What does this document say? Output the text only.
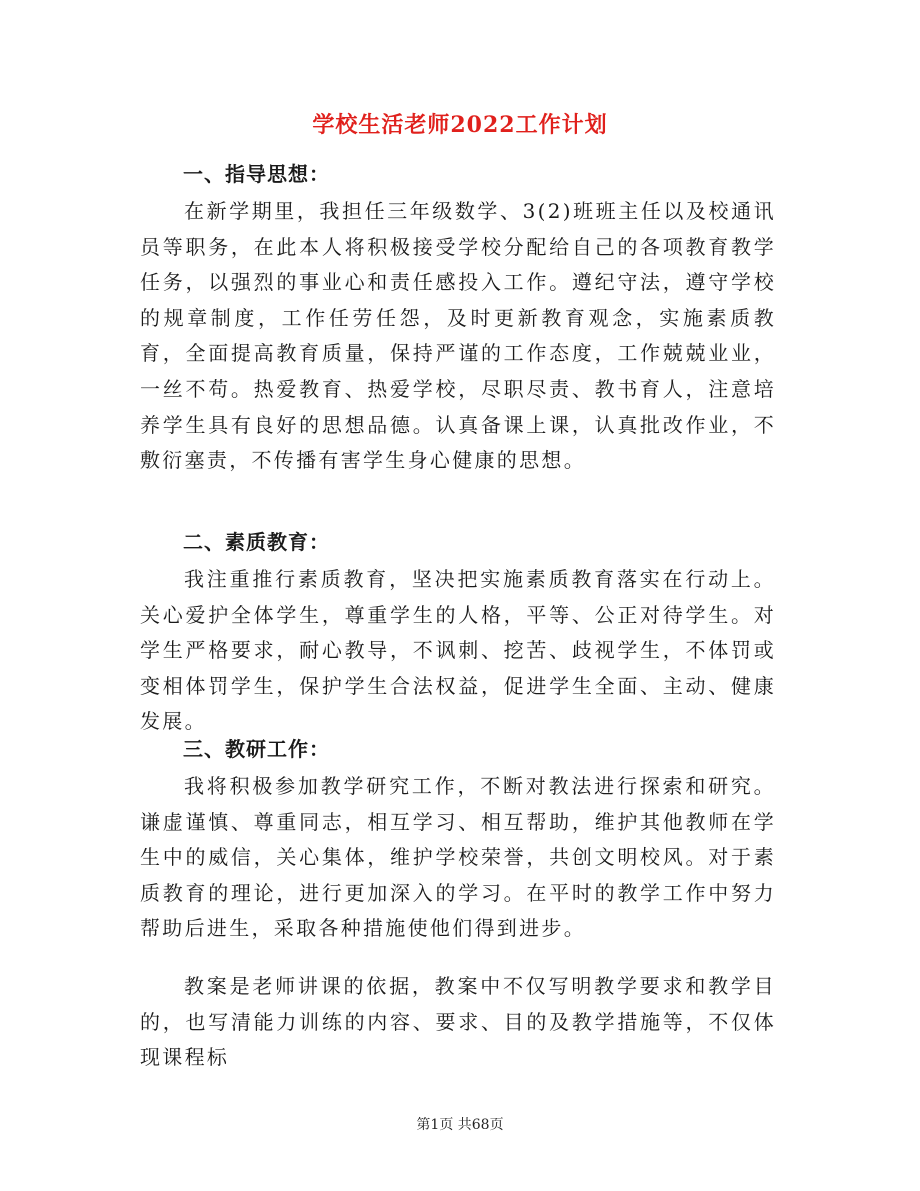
学校生活老师2022工作计划
一、指导思想：
在新学期里，我担任三年级数学、3(2)班班主任以及校通讯员等职务，在此本人将积极接受学校分配给自己的各项教育教学任务，以强烈的事业心和责任感投入工作。遵纪守法，遵守学校的规章制度，工作任劳任怨，及时更新教育观念，实施素质教育，全面提高教育质量，保持严谨的工作态度，工作兢兢业业，一丝不苟。热爱教育、热爱学校，尽职尽责、教书育人，注意培养学生具有良好的思想品德。认真备课上课，认真批改作业，不敷衍塞责，不传播有害学生身心健康的思想。
二、素质教育：
我注重推行素质教育，坚决把实施素质教育落实在行动上。关心爱护全体学生，尊重学生的人格，平等、公正对待学生。对学生严格要求，耐心教导，不讽刺、挖苦、歧视学生，不体罚或变相体罚学生，保护学生合法权益，促进学生全面、主动、健康发展。
三、教研工作：
我将积极参加教学研究工作，不断对教法进行探索和研究。谦虚谨慎、尊重同志，相互学习、相互帮助，维护其他教师在学生中的威信，关心集体，维护学校荣誉，共创文明校风。对于素质教育的理论，进行更加深入的学习。在平时的教学工作中努力帮助后进生，采取各种措施使他们得到进步。
教案是老师讲课的依据，教案中不仅写明教学要求和教学目的，也写清能力训练的内容、要求、目的及教学措施等，不仅体现课程标
第1页 共68页
